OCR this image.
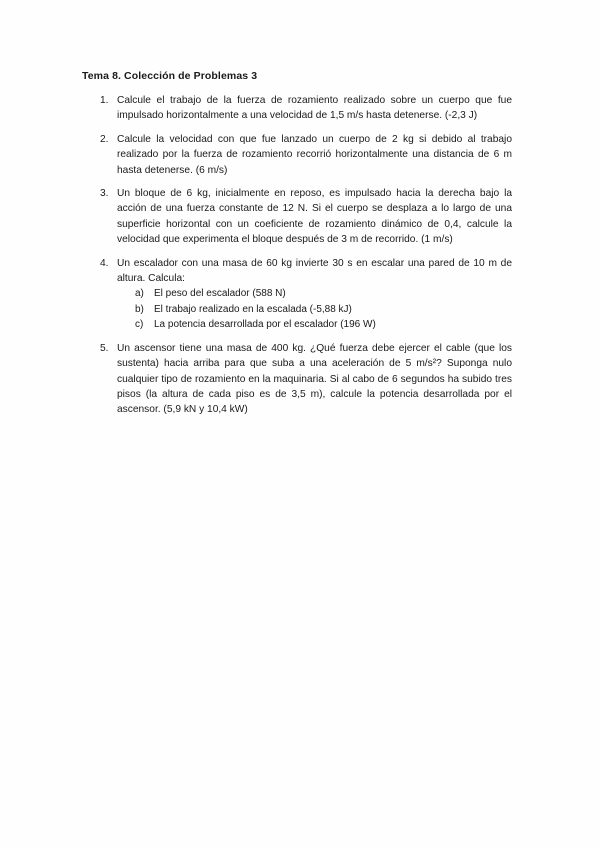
Tema 8. Colección de Problemas 3
1. Calcule el trabajo de la fuerza de rozamiento realizado sobre un cuerpo que fue impulsado horizontalmente a una velocidad de 1,5 m/s hasta detenerse. (-2,3 J)
2. Calcule la velocidad con que fue lanzado un cuerpo de 2 kg si debido al trabajo realizado por la fuerza de rozamiento recorrió horizontalmente una distancia de 6 m hasta detenerse. (6 m/s)
3. Un bloque de 6 kg, inicialmente en reposo, es impulsado hacia la derecha bajo la acción de una fuerza constante de 12 N. Si el cuerpo se desplaza a lo largo de una superficie horizontal con un coeficiente de rozamiento dinámico de 0,4, calcule la velocidad que experimenta el bloque después de 3 m de recorrido. (1 m/s)
4. Un escalador con una masa de 60 kg invierte 30 s en escalar una pared de 10 m de altura. Calcula:
a) El peso del escalador (588 N)
b) El trabajo realizado en la escalada (-5,88 kJ)
c) La potencia desarrollada por el escalador (196 W)
5. Un ascensor tiene una masa de 400 kg. ¿Qué fuerza debe ejercer el cable (que los sustenta) hacia arriba para que suba a una aceleración de 5 m/s²? Suponga nulo cualquier tipo de rozamiento en la maquinaria. Si al cabo de 6 segundos ha subido tres pisos (la altura de cada piso es de 3,5 m), calcule la potencia desarrollada por el ascensor. (5,9 kN y 10,4 kW)
